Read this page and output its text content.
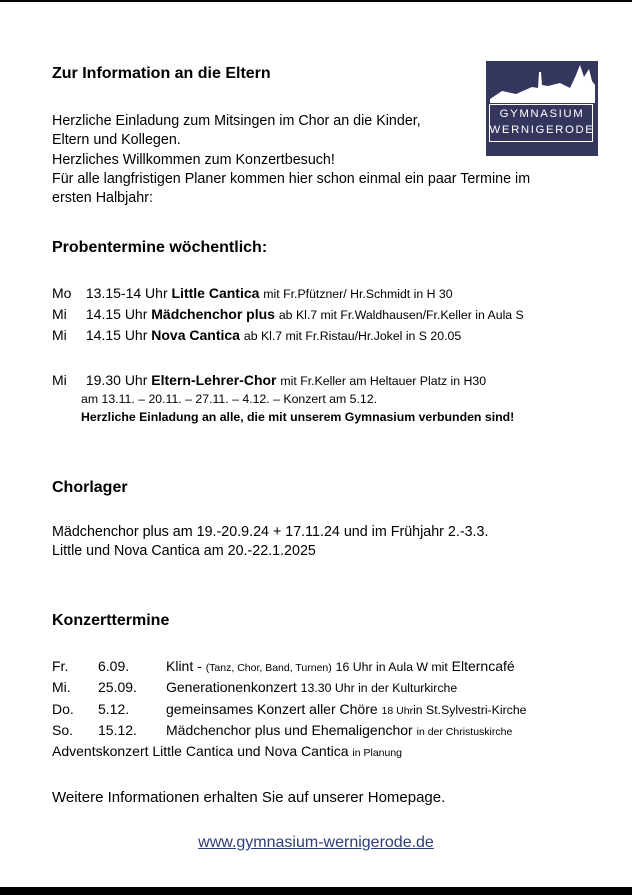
GYMNASIUM
WERNIGERODE
Zur Information an die Eltern
Herzliche Einladung zum Mitsingen im Chor an die Kinder,
Eltern und Kollegen.
Herzliches Willkommen zum Konzertbesuch!
Für alle langfristigen Planer kommen hier schon einmal ein paar Termine im
ersten Halbjahr:
Probentermine wöchentlich:
Mo 13.15-14 Uhr Little Cantica mit Fr.Pfützner/ Hr.Schmidt in H 30
Mi 14.15 Uhr Mädchenchor plus ab Kl.7 mit Fr.Waldhausen/Fr.Keller in Aula S
Mi 14.15 Uhr Nova Cantica ab Kl.7 mit Fr.Ristau/Hr.Jokel in S 20.05
Mi 19.30 Uhr Eltern-Lehrer-Chor mit Fr.Keller am Heltauer Platz in H30
am 13.11. – 20.11. – 27.11. – 4.12. – Konzert am 5.12.
Herzliche Einladung an alle, die mit unserem Gymnasium verbunden sind!
Chorlager
Mädchenchor plus am 19.-20.9.24 + 17.11.24 und im Frühjahr 2.-3.3.
Little und Nova Cantica am 20.-22.1.2025
Konzerttermine
Fr. 6.09.	Klint - (Tanz, Chor, Band, Turnen) 16 Uhr in Aula W mit Elterncafé
Mi. 25.09. Generationenkonzert 13.30 Uhr in der Kulturkirche
Do. 5.12.	gemeinsames Konzert aller Chöre 18 Uhrin St.Sylvestri-Kirche
So. 15.12. Mädchenchor plus und Ehemaligenchor in der Christuskirche
Adventskonzert Little Cantica und Nova Cantica in Planung
Weitere Informationen erhalten Sie auf unserer Homepage.
www.gymnasium-wernigerode.de
